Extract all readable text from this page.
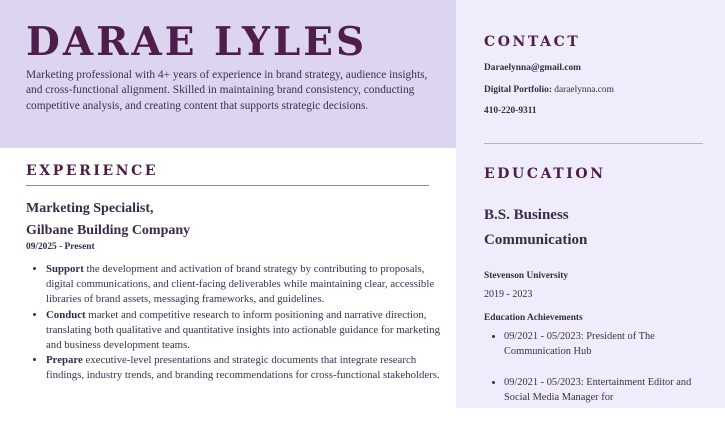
DARAE LYLES
Marketing professional with 4+ years of experience in brand strategy, audience insights, and cross-functional alignment. Skilled in maintaining brand consistency, conducting competitive analysis, and creating content that supports strategic decisions.
EXPERIENCE
Marketing Specialist,
Gilbane Building Company
09/2025 - Present
• Support the development and activation of brand strategy by contributing to proposals, digital communications, and client-facing deliverables while maintaining clear, accessible libraries of brand assets, messaging frameworks, and guidelines.
• Conduct market and competitive research to inform positioning and narrative direction, translating both qualitative and quantitative insights into actionable guidance for marketing and business development teams.
• Prepare executive-level presentations and strategic documents that integrate research findings, industry trends, and branding recommendations for cross-functional stakeholders.
CONTACT
Daraelynna@gmail.com
Digital Portfolio: daraelynna.com
410-220-9311
EDUCATION
B.S. Business
Communication
Stevenson University
2019 - 2023
Education Achievements
• 09/2021 - 05/2023: President of The Communication Hub
• 09/2021 - 05/2023: Entertainment Editor and Social Media Manager for
